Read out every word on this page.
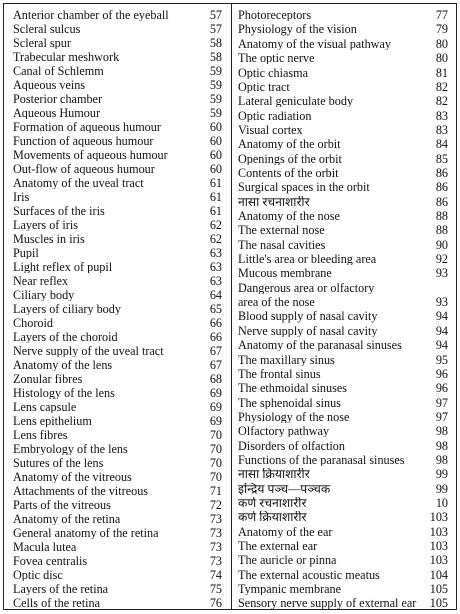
Anterior chamber of the eyeball	57
Scleral sulcus	57
Scleral spur	58
Trabecular meshwork	58
Canal of Schlemm	59
Aqueous veins	59
Posterior chamber	59
Aqueous Humour	59
Formation of aqueous humour	60
Function of aqueous humour	60
Movements of aqueous humour	60
Out-flow of aqueous humour	60
Anatomy of the uveal tract	61
Iris	61
Surfaces of the iris	61
Layers of iris	62
Muscles in iris	62
Pupil	63
Light reflex of pupil	63
Near reflex	63
Ciliary body	64
Layers of ciliary body	65
Choroid	66
Layers of the choroid	66
Nerve supply of the uveal tract	67
Anatomy of the lens	67
Zonular fibres	68
Histology of the lens	69
Lens capsule	69
Lens epithelium	69
Lens fibres	70
Embryology of the lens	70
Sutures of the lens	70
Anatomy of the vitreous	70
Attachments of the vitreous	71
Parts of the vitreous	72
Anatomy of the retina	73
General anatomy of the retina	73
Macula lutea	73
Fovea centralis	73
Optic disc	74
Layers of the retina	75
Cells of the retina	76
Photoreceptors	77
Physiology of the vision	79
Anatomy of the visual pathway	80
The optic nerve	80
Optic chiasma	81
Optic tract	82
Lateral geniculate body	82
Optic radiation	83
Visual cortex	83
Anatomy of the orbit	84
Openings of the orbit	85
Contents of the orbit	86
Surgical spaces in the orbit	86
नासा रचनाशारीर	86
Anatomy of the nose	88
The external nose	88
The nasal cavities	90
Little's area or bleeding area	92
Mucous membrane	93
Dangerous area or olfactory
area of the nose	93
Blood supply of nasal cavity	94
Nerve supply of nasal cavity	94
Anatomy of the paranasal sinuses	94
The maxillary sinus	95
The frontal sinus	96
The ethmoidal sinuses	96
The sphenoidal sinus	97
Physiology of the nose	97
Olfactory pathway	98
Disorders of olfaction	98
Functions of the paranasal sinuses	98
नासा क्रियाशारीर	99
इन्द्रिय पञ्च—पञ्चक	99
कर्ण रचनाशारीर	10
कर्ण क्रियाशारीर	103
Anatomy of the ear	103
The external ear	103
The auricle or pinna	103
The external acoustic meatus	104
Tympanic membrane	105
Sensory nerve supply of external ear	105
